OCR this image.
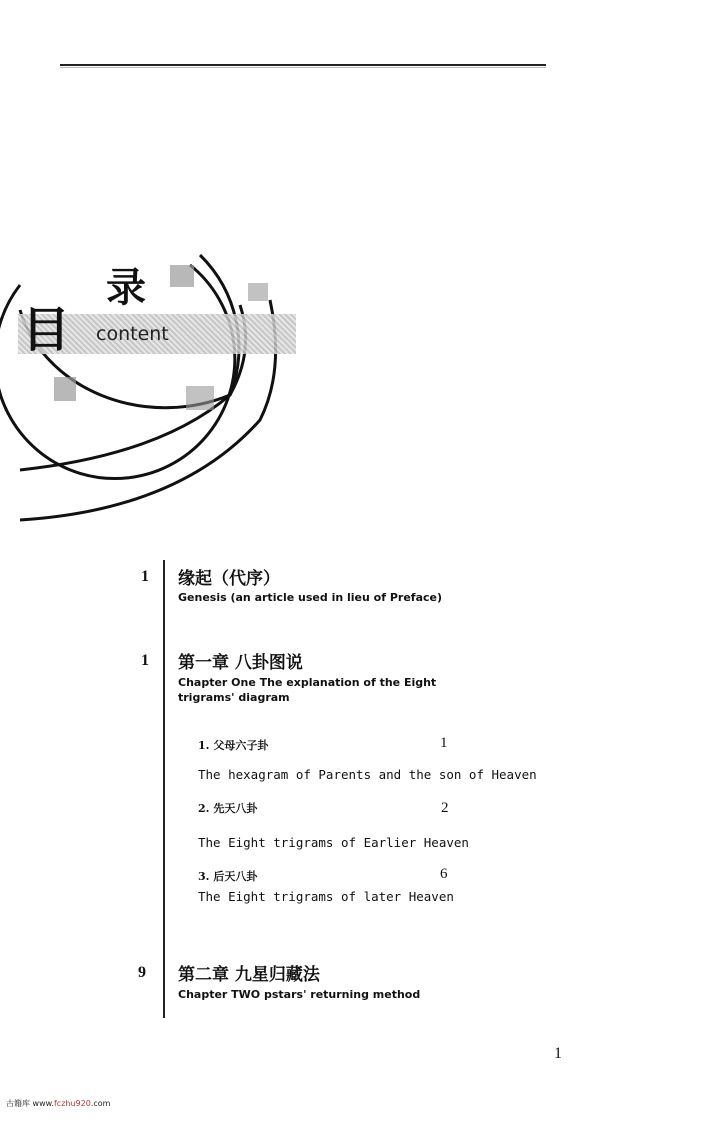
录
目 content
1 缘起（代序）
Genesis (an article used in lieu of Preface)
1 第一章 八卦图说
Chapter One The explanation of the Eight
trigrams' diagram
1. 父母六子卦	1
The hexagram of Parents and the son of Heaven
2. 先天八卦	2
The Eight trigrams of Earlier Heaven
3. 后天八卦	6
The Eight trigrams of later Heaven
9 第二章 九星归藏法
Chapter TWO pstars' returning method
1
古籍库 www.fczhu920.com
